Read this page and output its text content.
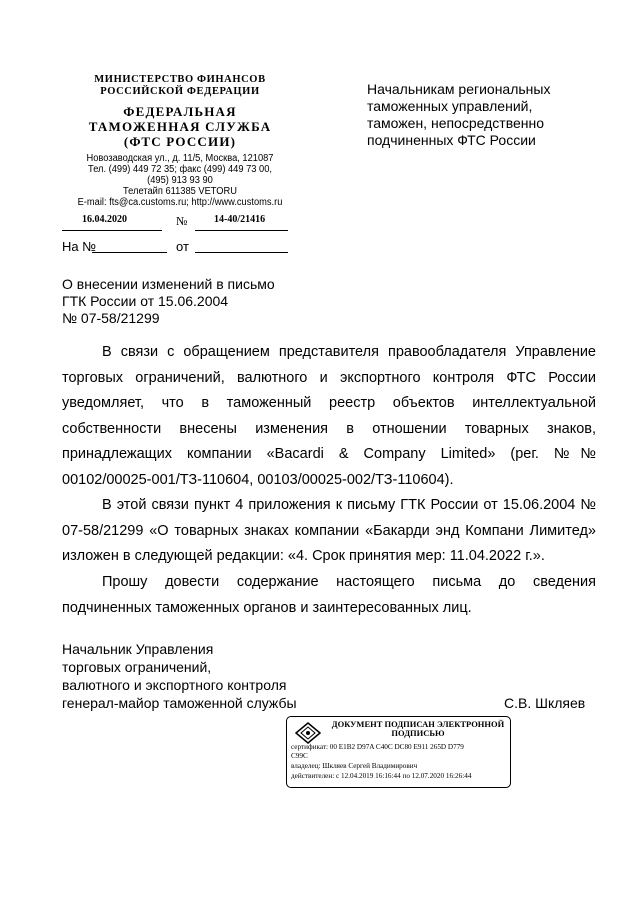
МИНИСТЕРСТВО ФИНАНСОВ
РОССИЙСКОЙ ФЕДЕРАЦИИ
ФЕДЕРАЛЬНАЯ
ТАМОЖЕННАЯ СЛУЖБА
(ФТС РОССИИ)
Новозаводская ул., д. 11/5, Москва, 121087
Тел. (499) 449 72 35; факс (499) 449 73 00,
(495) 913 93 90
Телетайп 611385 VETORU
E-mail: fts@ca.customs.ru; http://www.customs.ru
16.04.2020	№	14-40/21416
На №	от
Начальникам региональных
таможенных управлений,
таможен, непосредственно
подчиненных ФТС России
О внесении изменений в письмо
ГТК России от 15.06.2004
№ 07-58/21299
В связи с обращением представителя правообладателя Управление торговых ограничений, валютного и экспортного контроля ФТС России уведомляет, что в таможенный реестр объектов интеллектуальной собственности внесены изменения в отношении товарных знаков, принадлежащих компании «Bacardi & Company Limited» (рег. №№ 00102/00025-001/ТЗ-110604, 00103/00025-002/ТЗ-110604).
В этой связи пункт 4 приложения к письму ГТК России от 15.06.2004 № 07-58/21299 «О товарных знаках компании «Бакарди энд Компани Лимитед» изложен в следующей редакции: «4. Срок принятия мер: 11.04.2022 г.».
Прошу довести содержание настоящего письма до сведения подчиненных таможенных органов и заинтересованных лиц.
Начальник Управления
торговых ограничений,
валютного и экспортного контроля
генерал-майор таможенной службы	С.В. Шкляев
ДОКУМЕНТ ПОДПИСАН ЭЛЕКТРОННОЙ
ПОДПИСЬЮ
сертификат: 00 E1B2 D97A C40C DC80 E911 265D D779
C99C
владелец: Шкляев Сергей Владимирович
действителен: с 12.04.2019 16:16:44 по 12.07.2020 16:26:44
